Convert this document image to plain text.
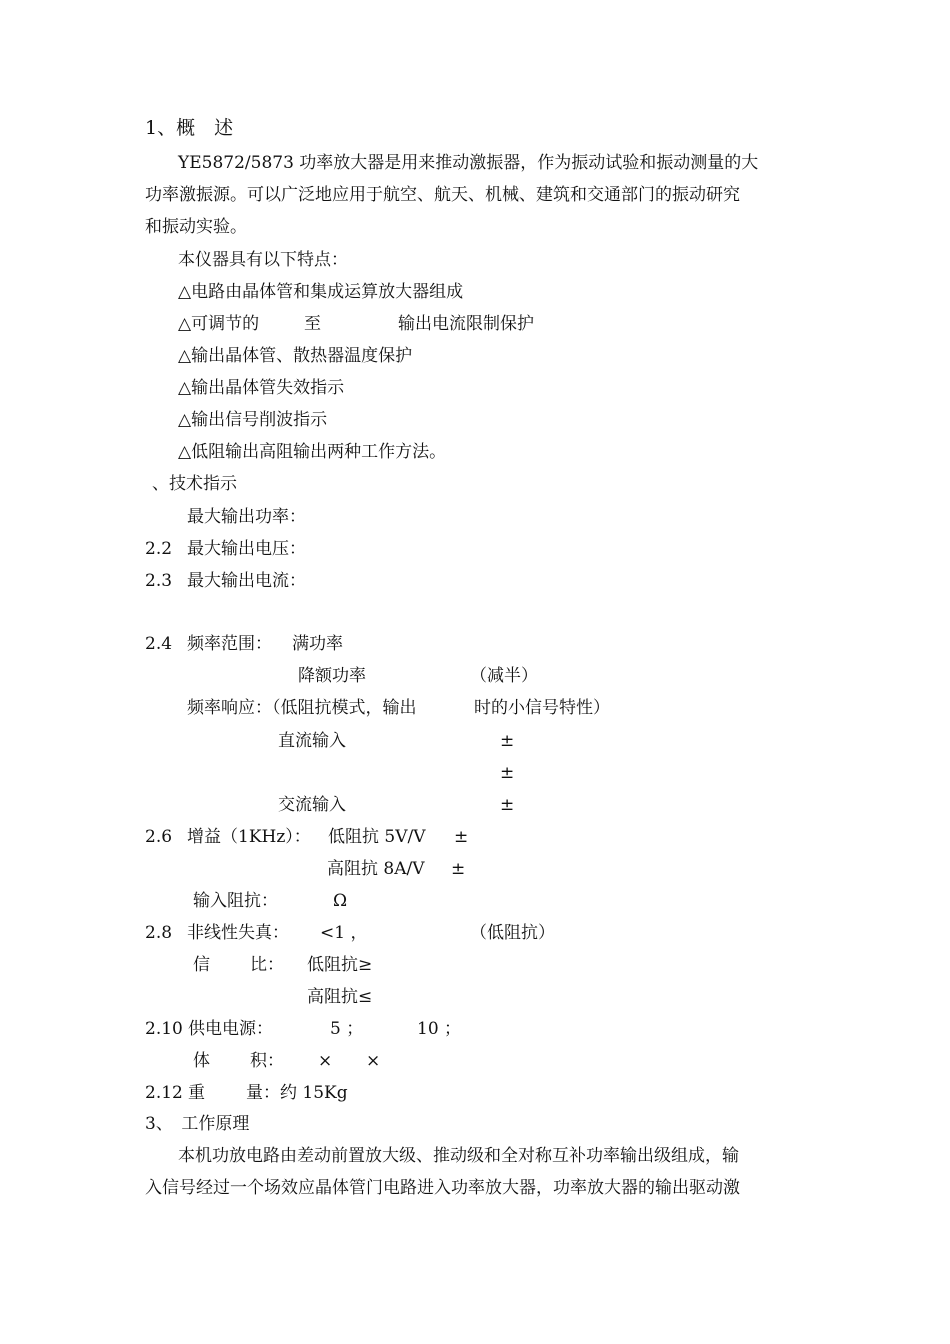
1、概　述
YE5872/5873 功率放大器是用来推动激振器，作为振动试验和振动测量的大
功率激振源。可以广泛地应用于航空、航天、机械、建筑和交通部门的振动研究
和振动实验。
本仪器具有以下特点：
△电路由晶体管和集成运算放大器组成
△可调节的	至	输出电流限制保护
△输出晶体管、散热器温度保护
△输出晶体管失效指示
△输出信号削波指示
△低阻输出高阻输出两种工作方法。
、技术指示
最大输出功率：
2.2 最大输出电压：
2.3 最大输出电流：
2.4 频率范围： 满功率
降额功率	（减半）
频率响应：（低阻抗模式，输出	时的小信号特性）
直流输入	±
±
交流输入	±
2.6 增益（1KHz）： 低阻抗 5V/V ±
高阻抗 8A/V ±
输入阻抗：	Ω
2.8 非线性失真： <1 ，	（低阻抗）
信 比： 低阻抗≥
高阻抗≤
2.10 供电电源：	5 ；	10 ；
体 积： × ×
2.12 重 量：约 15Kg
3、　工作原理
本机功放电路由差动前置放大级、推动级和全对称互补功率输出级组成，输
入信号经过一个场效应晶体管门电路进入功率放大器，功率放大器的输出驱动激
